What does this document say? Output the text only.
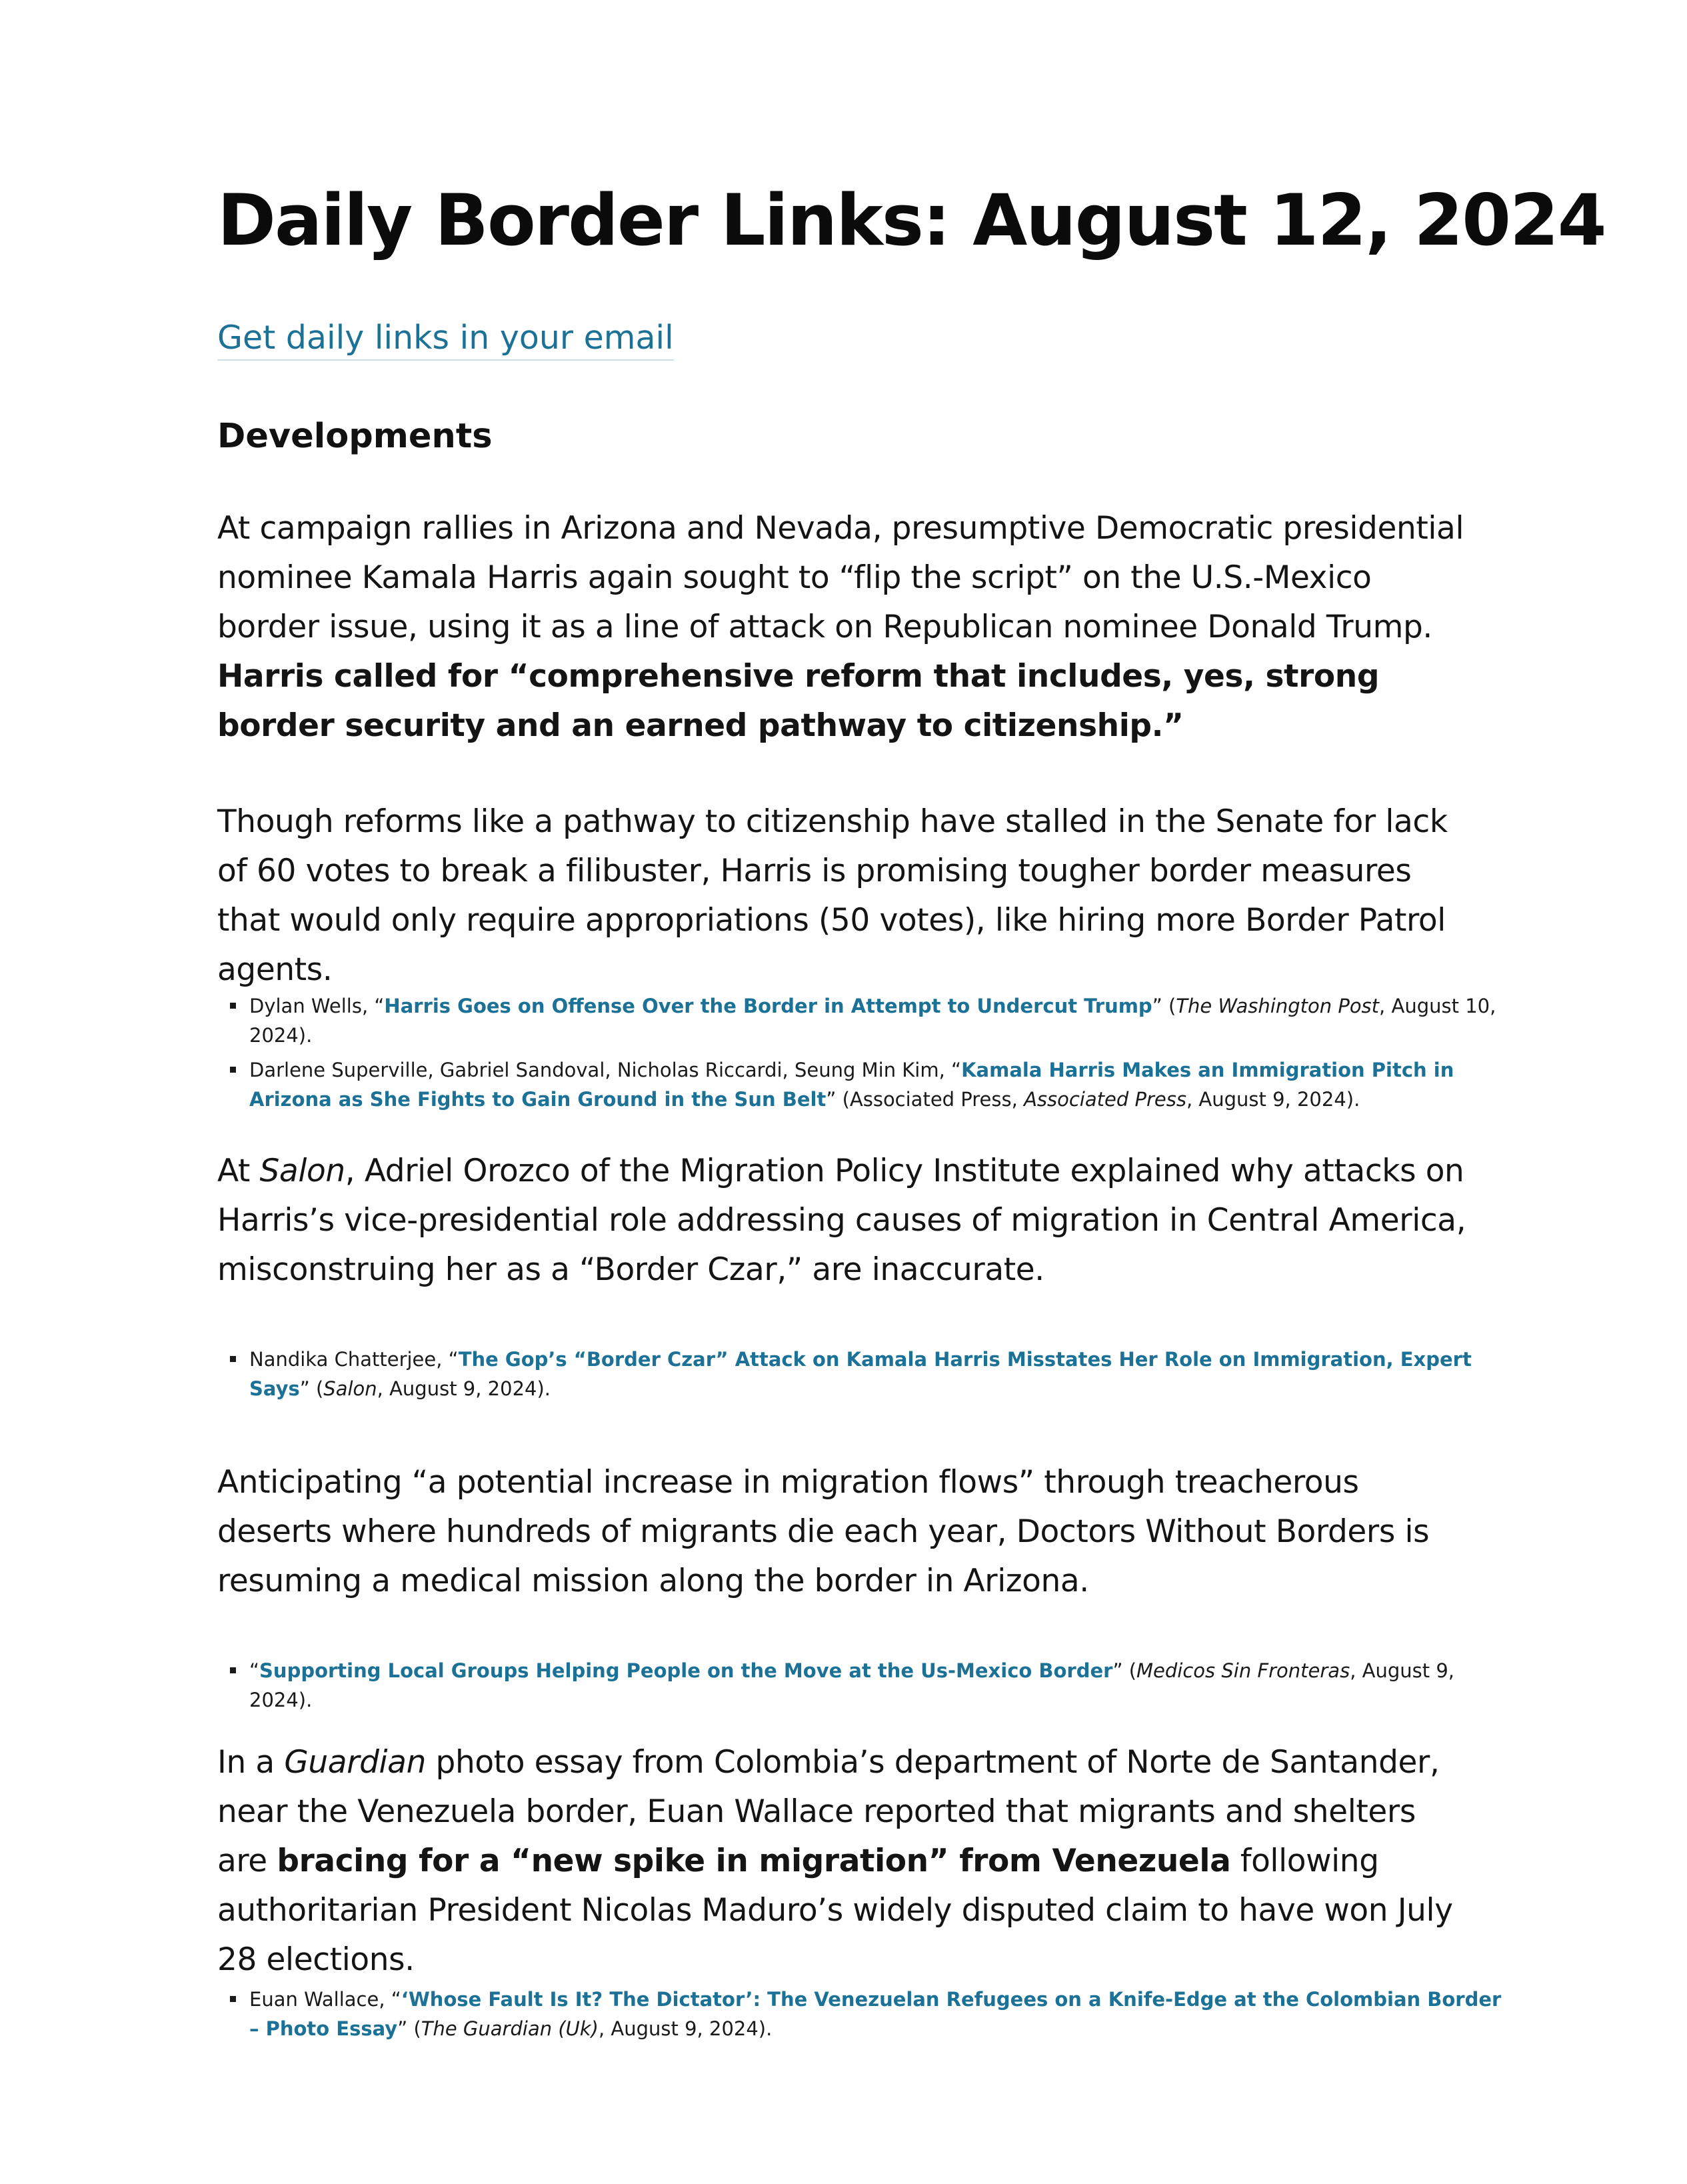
Daily Border Links: August 12, 2024
Get daily links in your email
Developments

At campaign rallies in Arizona and Nevada, presumptive Democratic presidential nominee Kamala Harris again sought to “flip the script” on the U.S.-Mexico border issue, using it as a line of attack on Republican nominee Donald Trump. Harris called for “comprehensive reform that includes, yes, strong border security and an earned pathway to citizenship.”

Though reforms like a pathway to citizenship have stalled in the Senate for lack of 60 votes to break a filibuster, Harris is promising tougher border measures that would only require appropriations (50 votes), like hiring more Border Patrol agents.

Dylan Wells, “Harris Goes on Offense Over the Border in Attempt to Undercut Trump” (The Washington Post, August 10, 2024).
Darlene Superville, Gabriel Sandoval, Nicholas Riccardi, Seung Min Kim, “Kamala Harris Makes an Immigration Pitch in Arizona as She Fights to Gain Ground in the Sun Belt” (Associated Press, Associated Press, August 9, 2024).

At Salon, Adriel Orozco of the Migration Policy Institute explained why attacks on Harris’s vice-presidential role addressing causes of migration in Central America, misconstruing her as a “Border Czar,” are inaccurate.

Nandika Chatterjee, “The Gop’s “Border Czar” Attack on Kamala Harris Misstates Her Role on Immigration, Expert Says” (Salon, August 9, 2024).

Anticipating “a potential increase in migration flows” through treacherous deserts where hundreds of migrants die each year, Doctors Without Borders is resuming a medical mission along the border in Arizona.

“Supporting Local Groups Helping People on the Move at the Us-Mexico Border” (Medicos Sin Fronteras, August 9, 2024).

In a Guardian photo essay from Colombia’s department of Norte de Santander, near the Venezuela border, Euan Wallace reported that migrants and shelters are bracing for a “new spike in migration” from Venezuela following authoritarian President Nicolas Maduro’s widely disputed claim to have won July 28 elections.

Euan Wallace, “‘Whose Fault Is It? The Dictator’: The Venezuelan Refugees on a Knife-Edge at the Colombian Border – Photo Essay” (The Guardian (Uk), August 9, 2024).
